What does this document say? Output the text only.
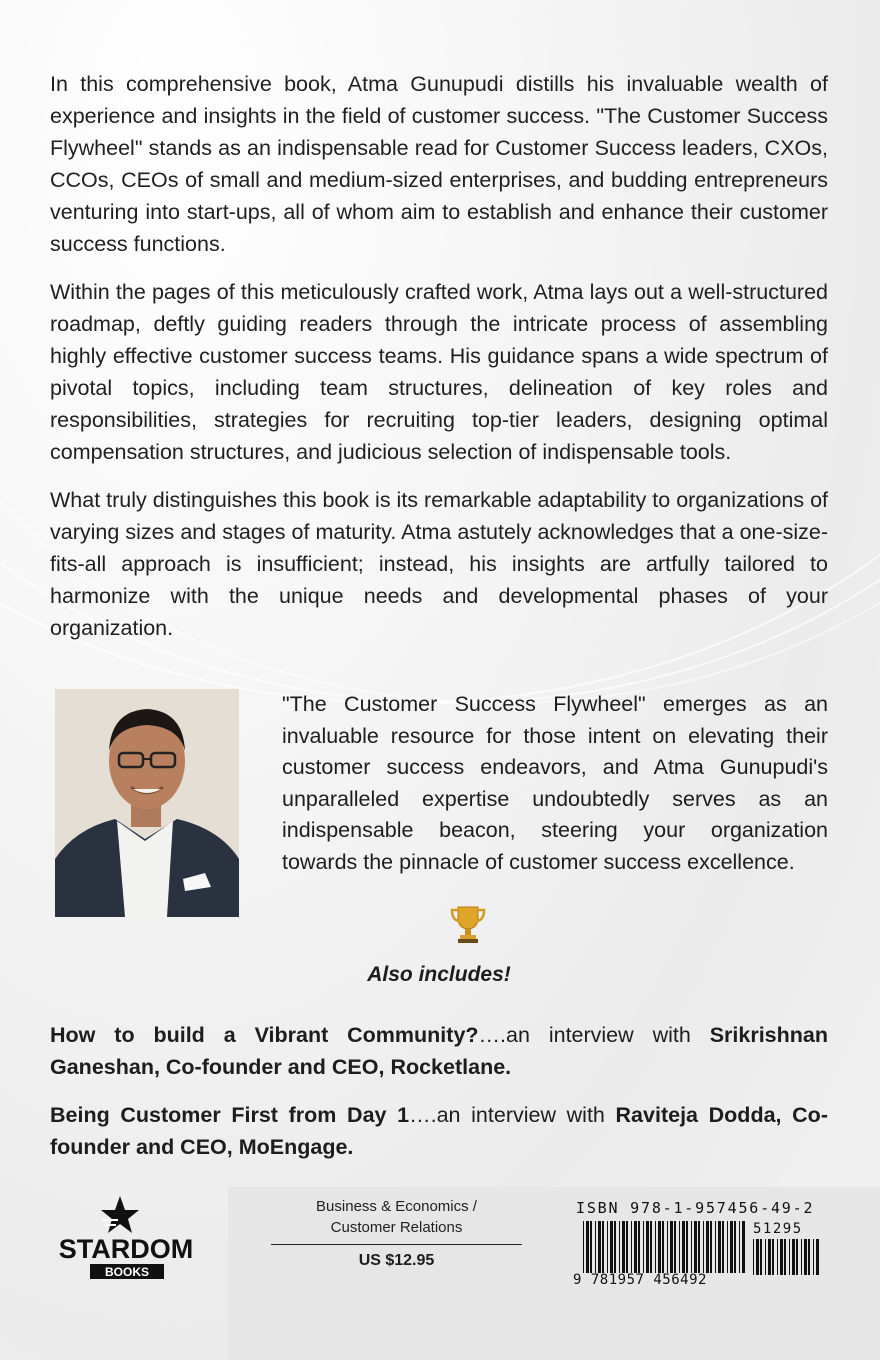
In this comprehensive book, Atma Gunupudi distills his invaluable wealth of experience and insights in the field of customer success. "The Customer Success Flywheel" stands as an indispensable read for Customer Success leaders, CXOs, CCOs, CEOs of small and medium-sized enterprises, and budding entrepreneurs venturing into start-ups, all of whom aim to establish and enhance their customer success functions.

Within the pages of this meticulously crafted work, Atma lays out a well-structured roadmap, deftly guiding readers through the intricate process of assembling highly effective customer success teams. His guidance spans a wide spectrum of pivotal topics, including team structures, delineation of key roles and responsibilities, strategies for recruiting top-tier leaders, designing optimal compensation structures, and judicious selection of indispensable tools.

What truly distinguishes this book is its remarkable adaptability to organizations of varying sizes and stages of maturity. Atma astutely acknowledges that a one-size-fits-all approach is insufficient; instead, his insights are artfully tailored to harmonize with the unique needs and developmental phases of your organization.

"The Customer Success Flywheel" emerges as an invaluable resource for those intent on elevating their customer success endeavors, and Atma Gunupudi's unparalleled expertise undoubtedly serves as an indispensable beacon, steering your organization towards the pinnacle of customer success excellence.

Also includes!

How to build a Vibrant Community?….an interview with Srikrishnan Ganeshan, Co-founder and CEO, Rocketlane.

Being Customer First from Day 1….an interview with Raviteja Dodda, Co-founder and CEO, MoEngage.

STARDOM
BOOKS
Business & Economics /
Customer Relations
US $12.95
ISBN 978-1-957456-49-2
51295
9 781957 456492
